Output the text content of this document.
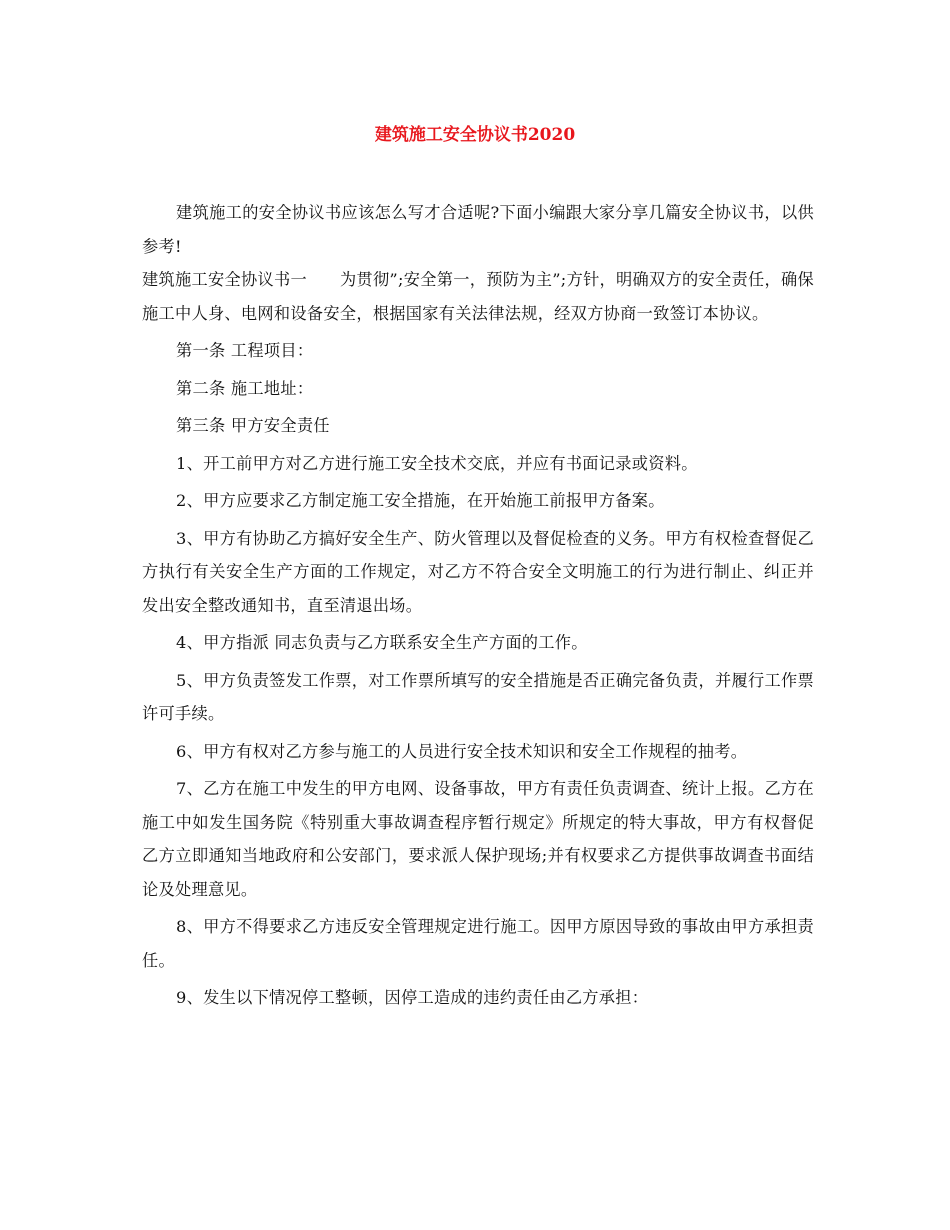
建筑施工安全协议书2020

建筑施工的安全协议书应该怎么写才合适呢?下面小编跟大家分享几篇安全协议书，以供参考!

建筑施工安全协议书一　　为贯彻”;安全第一，预防为主”;方针，明确双方的安全责任，确保施工中人身、电网和设备安全，根据国家有关法律法规，经双方协商一致签订本协议。

第一条 工程项目：

第二条 施工地址：

第三条 甲方安全责任

1、开工前甲方对乙方进行施工安全技术交底，并应有书面记录或资料。

2、甲方应要求乙方制定施工安全措施，在开始施工前报甲方备案。

3、甲方有协助乙方搞好安全生产、防火管理以及督促检查的义务。甲方有权检查督促乙方执行有关安全生产方面的工作规定，对乙方不符合安全文明施工的行为进行制止、纠正并发出安全整改通知书，直至清退出场。

4、甲方指派 同志负责与乙方联系安全生产方面的工作。

5、甲方负责签发工作票，对工作票所填写的安全措施是否正确完备负责，并履行工作票许可手续。

6、甲方有权对乙方参与施工的人员进行安全技术知识和安全工作规程的抽考。

7、乙方在施工中发生的甲方电网、设备事故，甲方有责任负责调查、统计上报。乙方在施工中如发生国务院《特别重大事故调查程序暂行规定》所规定的特大事故，甲方有权督促乙方立即通知当地政府和公安部门，要求派人保护现场;并有权要求乙方提供事故调查书面结论及处理意见。

8、甲方不得要求乙方违反安全管理规定进行施工。因甲方原因导致的事故由甲方承担责任。

9、发生以下情况停工整顿，因停工造成的违约责任由乙方承担：
